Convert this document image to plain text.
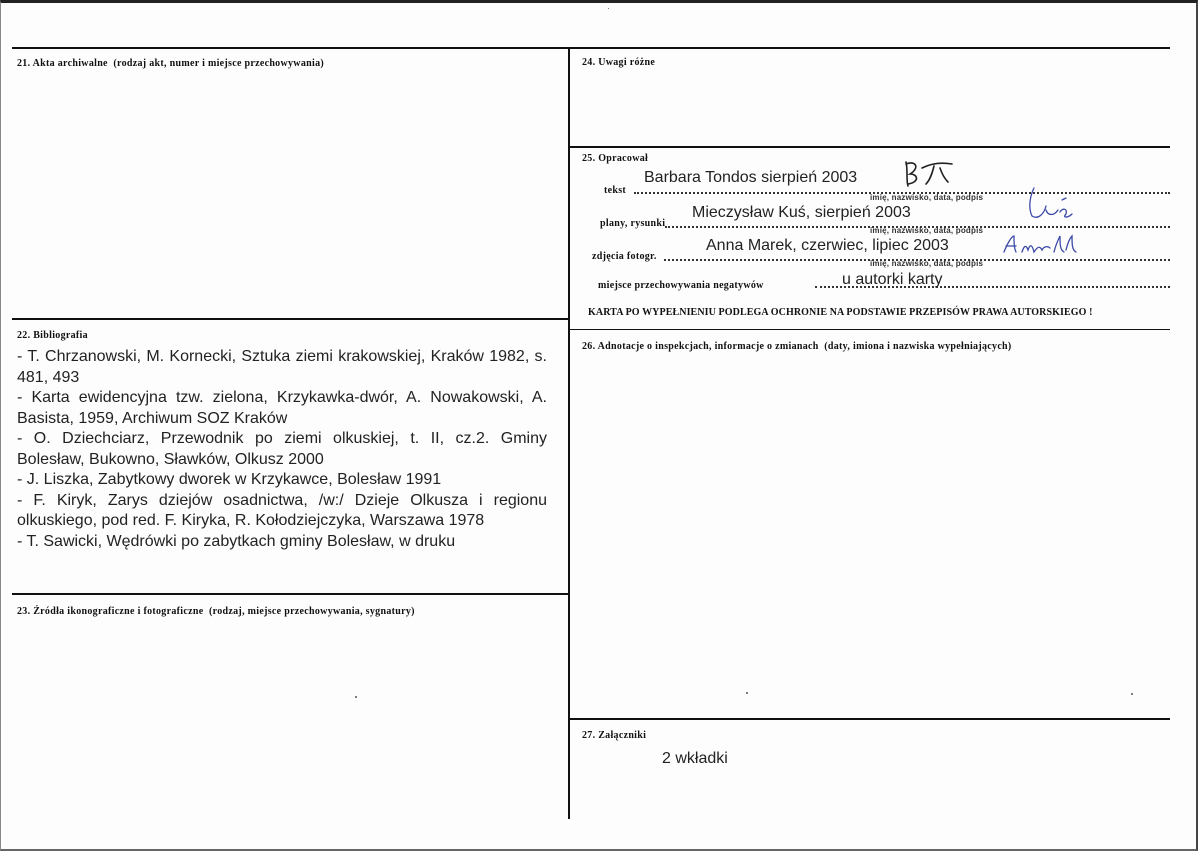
21. Akta archiwalne (rodzaj akt, numer i miejsce przechowywania)
22. Bibliografia
- T. Chrzanowski, M. Kornecki, Sztuka ziemi krakowskiej, Kraków 1982, s. 481, 493
- Karta ewidencyjna tzw. zielona, Krzykawka-dwór, A. Nowakowski, A. Basista, 1959, Archiwum SOZ Kraków
- O. Dziechciarz, Przewodnik po ziemi olkuskiej, t. II, cz.2. Gminy Bolesław, Bukowno, Sławków, Olkusz 2000
- J. Liszka, Zabytkowy dworek w Krzykawce, Bolesław 1991
- F. Kiryk, Zarys dziejów osadnictwa, /w:/ Dzieje Olkusza i regionu olkuskiego, pod red. F. Kiryka, R. Kołodziejczyka, Warszawa 1978
- T. Sawicki, Wędrówki po zabytkach gminy Bolesław, w druku
23. Źródła ikonograficzne i fotograficzne (rodzaj, miejsce przechowywania, sygnatury)
24. Uwagi różne
25. Opracował
tekst
Barbara Tondos sierpień 2003
imię, nazwisko, data, podpis
plany, rysunki
Mieczysław Kuś, sierpień 2003
imię, nazwisko, data, podpis
zdjęcia fotogr.
Anna Marek, czerwiec, lipiec 2003
imię, nazwisko, data, podpis
miejsce przechowywania negatywów	u autorki karty
KARTA PO WYPEŁNIENIU PODLEGA OCHRONIE NA PODSTAWIE PRZEPISÓW PRAWA AUTORSKIEGO !
26. Adnotacje o inspekcjach, informacje o zmianach (daty, imiona i nazwiska wypełniających)
27. Załączniki
2 wkładki
